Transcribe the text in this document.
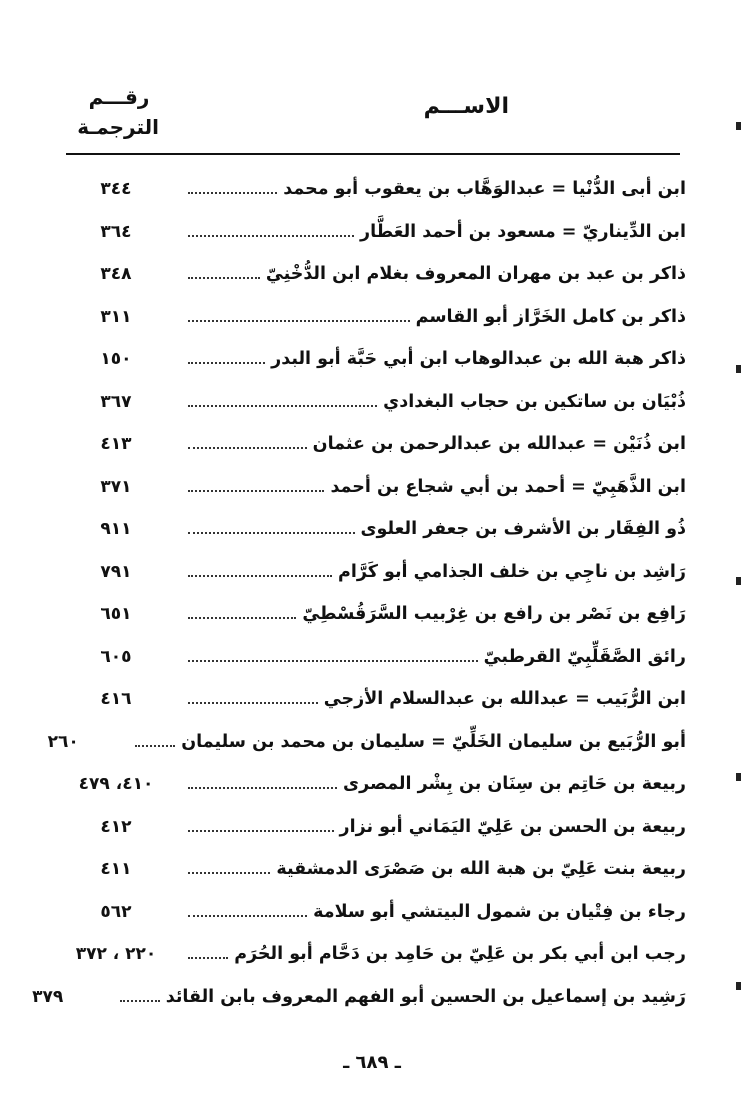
الاســـم
رقـــم
الترجمـة
ابن أبى الدُّنْيا = عبدالوَهَّاب بن يعقوب أبو محمد
٣٤٤
ابن الدِّيناريّ = مسعود بن أحمد العَطَّار
٣٦٤
ذاكر بن عبد بن مهران المعروف بغلام ابن الدُّخْنِيّ
٣٤٨
ذاكر بن كامل الخَرَّاز أبو القاسم
٣١١
ذاكر هبة الله بن عبدالوهاب ابن أبي حَبَّة أبو البدر
١٥٠
ذُبْيَان بن ساتكين بن حجاب البغدادي
٣٦٧
ابن ذُنَيْن = عبدالله بن عبدالرحمن بن عثمان
٤١٣
ابن الذَّهَبِيّ = أحمد بن أبي شجاع بن أحمد
٣٧١
ذُو الفِقَار بن الأشرف بن جعفر العلوى
٩١١
رَاشِد بن ناجِي بن خلف الجذامي أبو كَرَّام
٧٩١
رَافِع بن نَصْر بن رافع بن غِرْبيب السَّرَقُسْطِيّ
٦٥١
رائق الصَّقَلِّبِيّ القرطبيّ
٦٠٥
ابن الرُّبَيب = عبدالله بن عبدالسلام الأزجي
٤١٦
أبو الرُّبَيع بن سليمان الخَلِّيّ = سليمان بن محمد بن سليمان
٢٦٠
ربيعة بن حَاتِم بن سِنَان بن بِشْر المصرى
٤١٠، ٤٧٩
ربيعة بن الحسن بن عَلِيّ اليَمَاني أبو نزار
٤١٢
ربيعة بنت عَلِيّ بن هبة الله بن صَصْرَى الدمشقية
٤١١
رجاء بن فِتْيان بن شمول البيتشي أبو سلامة
٥٦٢
رجب ابن أبي بكر بن عَلِيّ بن حَامِد بن دَحَّام أبو الحُرَم
٢٢٠ ، ٣٧٢
رَشِيد بن إسماعيل بن الحسين أبو الفهم المعروف بابن القائد
٣٧٩
ـ ٦٨٩ ـ
